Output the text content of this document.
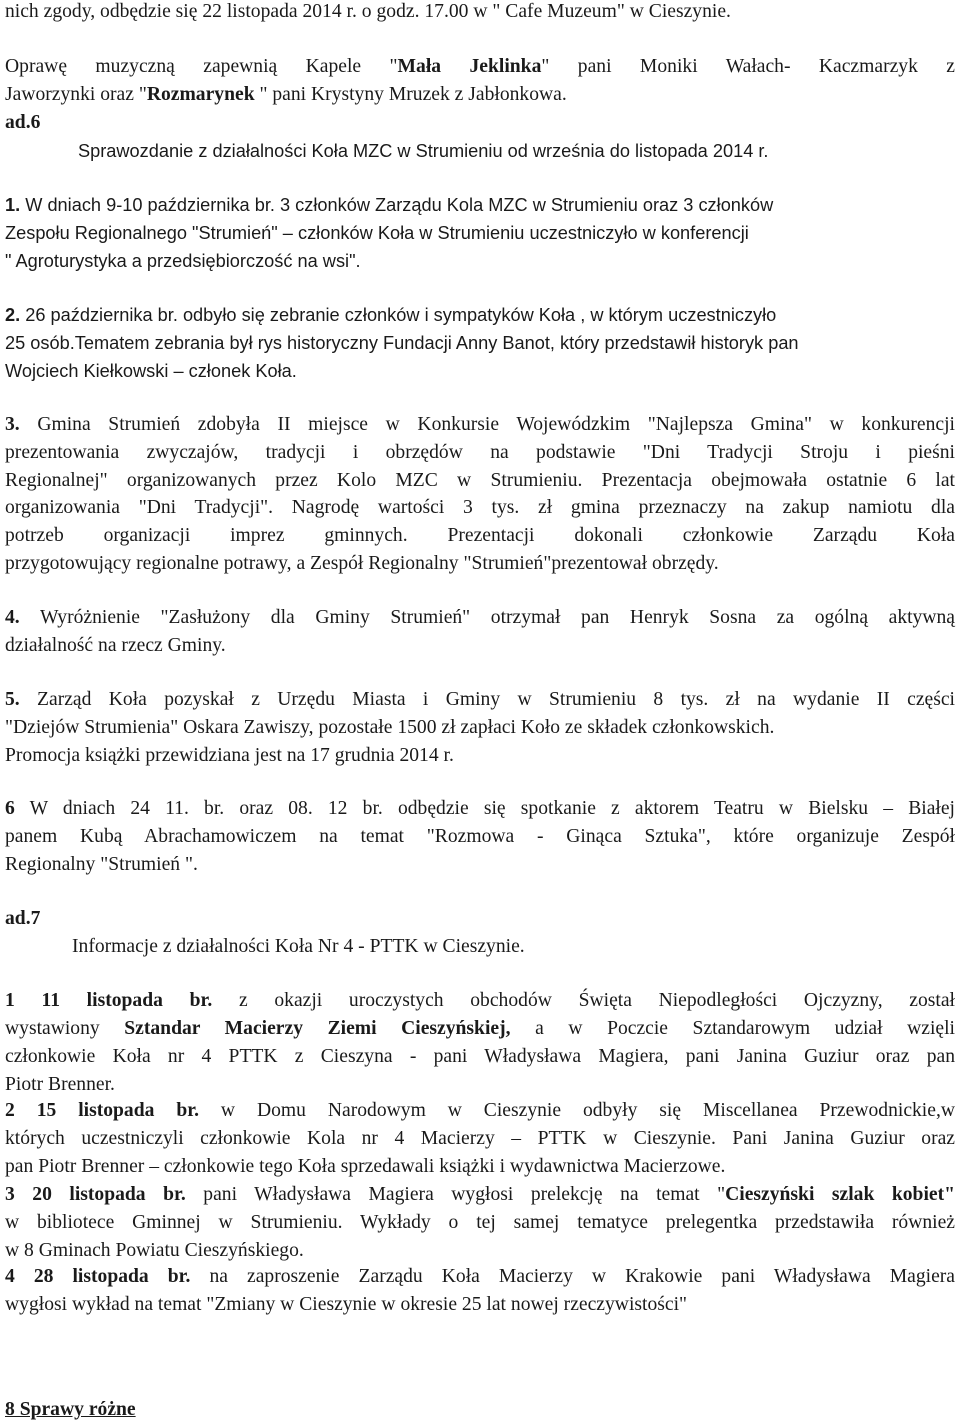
nich zgody, odbędzie się 22 listopada 2014 r. o godz. 17.00 w " Cafe Muzeum" w Cieszynie.
Oprawę muzyczną zapewnią Kapele "Mała Jeklinka" pani Moniki Wałach- Kaczmarzyk z
Jaworzynki oraz "Rozmarynek " pani Krystyny Mruzek z Jabłonkowa.
ad.6
Sprawozdanie z działalności Koła MZC w Strumieniu od września do listopada 2014 r.
1. W dniach 9-10 października br. 3 członków Zarządu Kola MZC w Strumieniu oraz 3 członków
Zespołu Regionalnego "Strumień" – członków Koła w Strumieniu uczestniczyło w konferencji
" Agroturystyka a przedsiębiorczość na wsi".
2. 26 października br. odbyło się zebranie członków i sympatyków Koła , w którym uczestniczyło
25 osób.Tematem zebrania był rys historyczny Fundacji Anny Banot, który przedstawił historyk pan
Wojciech Kiełkowski – członek Koła.
3. Gmina Strumień zdobyła II miejsce w Konkursie Wojewódzkim "Najlepsza Gmina" w konkurencji
prezentowania zwyczajów, tradycji i obrzędów na podstawie "Dni Tradycji Stroju i pieśni
Regionalnej" organizowanych przez Kolo MZC w Strumieniu. Prezentacja obejmowała ostatnie 6 lat
organizowania "Dni Tradycji". Nagrodę wartości 3 tys. zł gmina przeznaczy na zakup namiotu dla
potrzeb organizacji imprez gminnych. Prezentacji dokonali członkowie Zarządu Koła
przygotowujący regionalne potrawy, a Zespół Regionalny "Strumień"prezentował obrzędy.
4. Wyróżnienie "Zasłużony dla Gminy Strumień" otrzymał pan Henryk Sosna za ogólną aktywną
działalność na rzecz Gminy.
5. Zarząd Koła pozyskał z Urzędu Miasta i Gminy w Strumieniu 8 tys. zł na wydanie II części
"Dziejów Strumienia" Oskara Zawiszy, pozostałe 1500 zł zapłaci Koło ze składek członkowskich.
Promocja książki przewidziana jest na 17 grudnia 2014 r.
6 W dniach 24 11. br. oraz 08. 12 br. odbędzie się spotkanie z aktorem Teatru w Bielsku – Białej
panem Kubą Abrachamowiczem na temat "Rozmowa - Ginąca Sztuka", które organizuje Zespół
Regionalny "Strumień ".
ad.7
Informacje z działalności Koła Nr 4 - PTTK w Cieszynie.
1 11 listopada br. z okazji uroczystych obchodów Święta Niepodległości Ojczyzny, został
wystawiony Sztandar Macierzy Ziemi Cieszyńskiej, a w Poczcie Sztandarowym udział wzięli
członkowie Koła nr 4 PTTK z Cieszyna - pani Władysława Magiera, pani Janina Guziur oraz pan
Piotr Brenner.
2 15 listopada br. w Domu Narodowym w Cieszynie odbyły się Miscellanea Przewodnickie,w
których uczestniczyli członkowie Kola nr 4 Macierzy – PTTK w Cieszynie. Pani Janina Guziur oraz
pan Piotr Brenner – członkowie tego Koła sprzedawali książki i wydawnictwa Macierzowe.
3 20 listopada br. pani Władysława Magiera wygłosi prelekcję na temat "Cieszyński szlak kobiet"
w bibliotece Gminnej w Strumieniu. Wykłady o tej samej tematyce prelegentka przedstawiła również
w 8 Gminach Powiatu Cieszyńskiego.
4 28 listopada br. na zaproszenie Zarządu Koła Macierzy w Krakowie pani Władysława Magiera
wygłosi wykład na temat "Zmiany w Cieszynie w okresie 25 lat nowej rzeczywistości"
8 Sprawy różne
